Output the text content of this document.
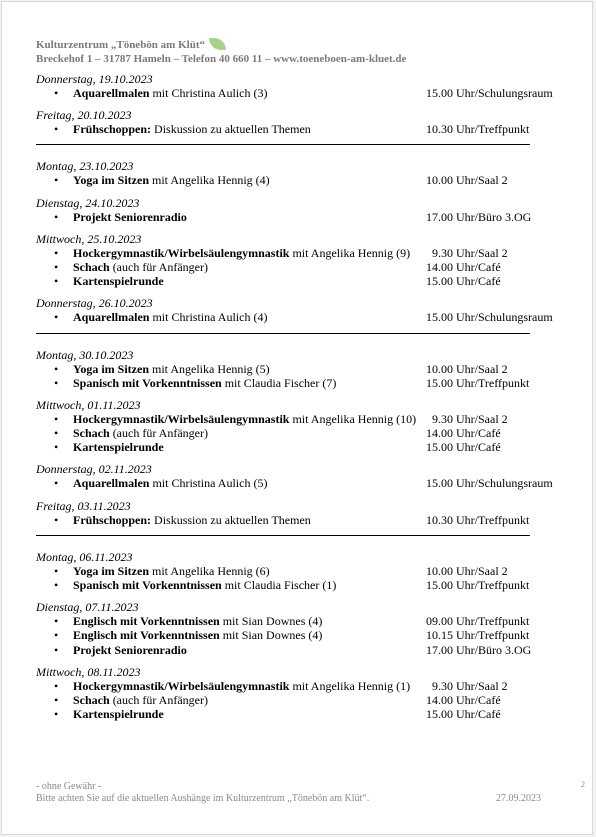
Kulturzentrum „Tönebön am Klüt“
Breckehof 1 – 31787 Hameln – Telefon 40 660 11 – www.toeneboen-am-kluet.de
Donnerstag, 19.10.2023
• Aquarellmalen mit Christina Aulich (3)	15.00 Uhr/Schulungsraum
Freitag, 20.10.2023
• Frühschoppen: Diskussion zu aktuellen Themen	10.30 Uhr/Treffpunkt
Montag, 23.10.2023
• Yoga im Sitzen mit Angelika Hennig (4)	10.00 Uhr/Saal 2
Dienstag, 24.10.2023
• Projekt Seniorenradio	17.00 Uhr/Büro 3.OG
Mittwoch, 25.10.2023
• Hockergymnastik/Wirbelsäulengymnastik mit Angelika Hennig (9) 9.30 Uhr/Saal 2
• Schach (auch für Anfänger)	14.00 Uhr/Café
• Kartenspielrunde	15.00 Uhr/Café
Donnerstag, 26.10.2023
• Aquarellmalen mit Christina Aulich (4)	15.00 Uhr/Schulungsraum
Montag, 30.10.2023
• Yoga im Sitzen mit Angelika Hennig (5)	10.00 Uhr/Saal 2
• Spanisch mit Vorkenntnissen mit Claudia Fischer (7)	15.00 Uhr/Treffpunkt
Mittwoch, 01.11.2023
• Hockergymnastik/Wirbelsäulengymnastik mit Angelika Hennig (10) 9.30 Uhr/Saal 2
• Schach (auch für Anfänger)	14.00 Uhr/Café
• Kartenspielrunde	15.00 Uhr/Café
Donnerstag, 02.11.2023
• Aquarellmalen mit Christina Aulich (5)	15.00 Uhr/Schulungsraum
Freitag, 03.11.2023
• Frühschoppen: Diskussion zu aktuellen Themen	10.30 Uhr/Treffpunkt
Montag, 06.11.2023
• Yoga im Sitzen mit Angelika Hennig (6)	10.00 Uhr/Saal 2
• Spanisch mit Vorkenntnissen mit Claudia Fischer (1)	15.00 Uhr/Treffpunkt
Dienstag, 07.11.2023
• Englisch mit Vorkenntnissen mit Sian Downes (4)	09.00 Uhr/Treffpunkt
• Englisch mit Vorkenntnissen mit Sian Downes (4)	10.15 Uhr/Treffpunkt
• Projekt Seniorenradio	17.00 Uhr/Büro 3.OG
Mittwoch, 08.11.2023
• Hockergymnastik/Wirbelsäulengymnastik mit Angelika Hennig (1) 9.30 Uhr/Saal 2
• Schach (auch für Anfänger)	14.00 Uhr/Café
• Kartenspielrunde	15.00 Uhr/Café
- ohne Gewähr -
Bitte achten Sie auf die aktuellen Aushänge im Kulturzentrum „Tönebön am Klüt“.	27.09.2023
2
